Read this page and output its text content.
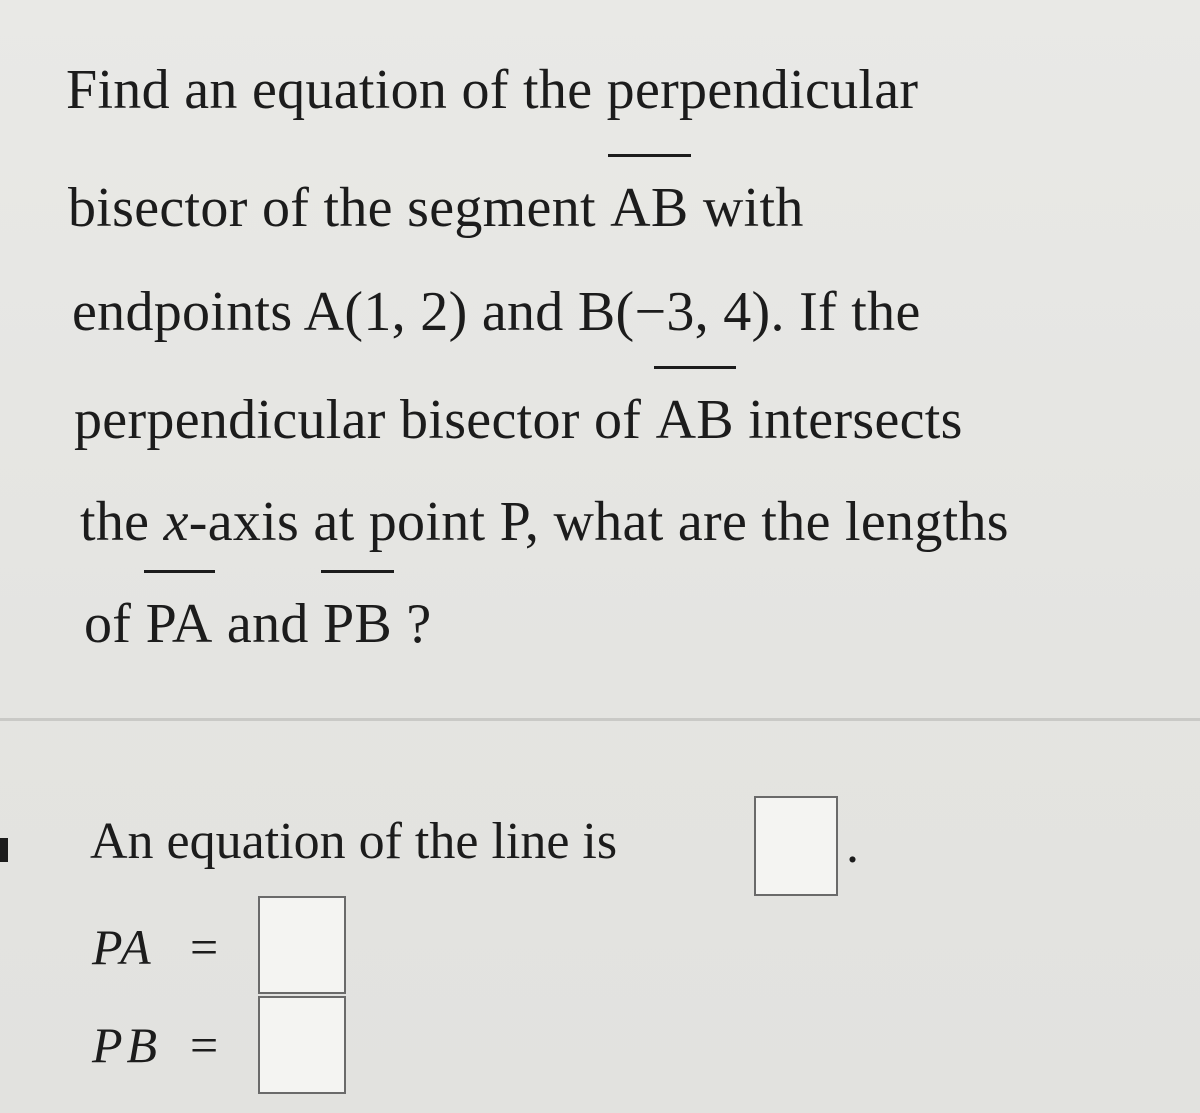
Find an equation of the perpendicular
bisector of the segment AB with
endpoints A(1, 2) and B(−3, 4). If the
perpendicular bisector of AB intersects
the x-axis at point P, what are the lengths
of PA and PB ?
An equation of the line is	.
PA =
PB =
